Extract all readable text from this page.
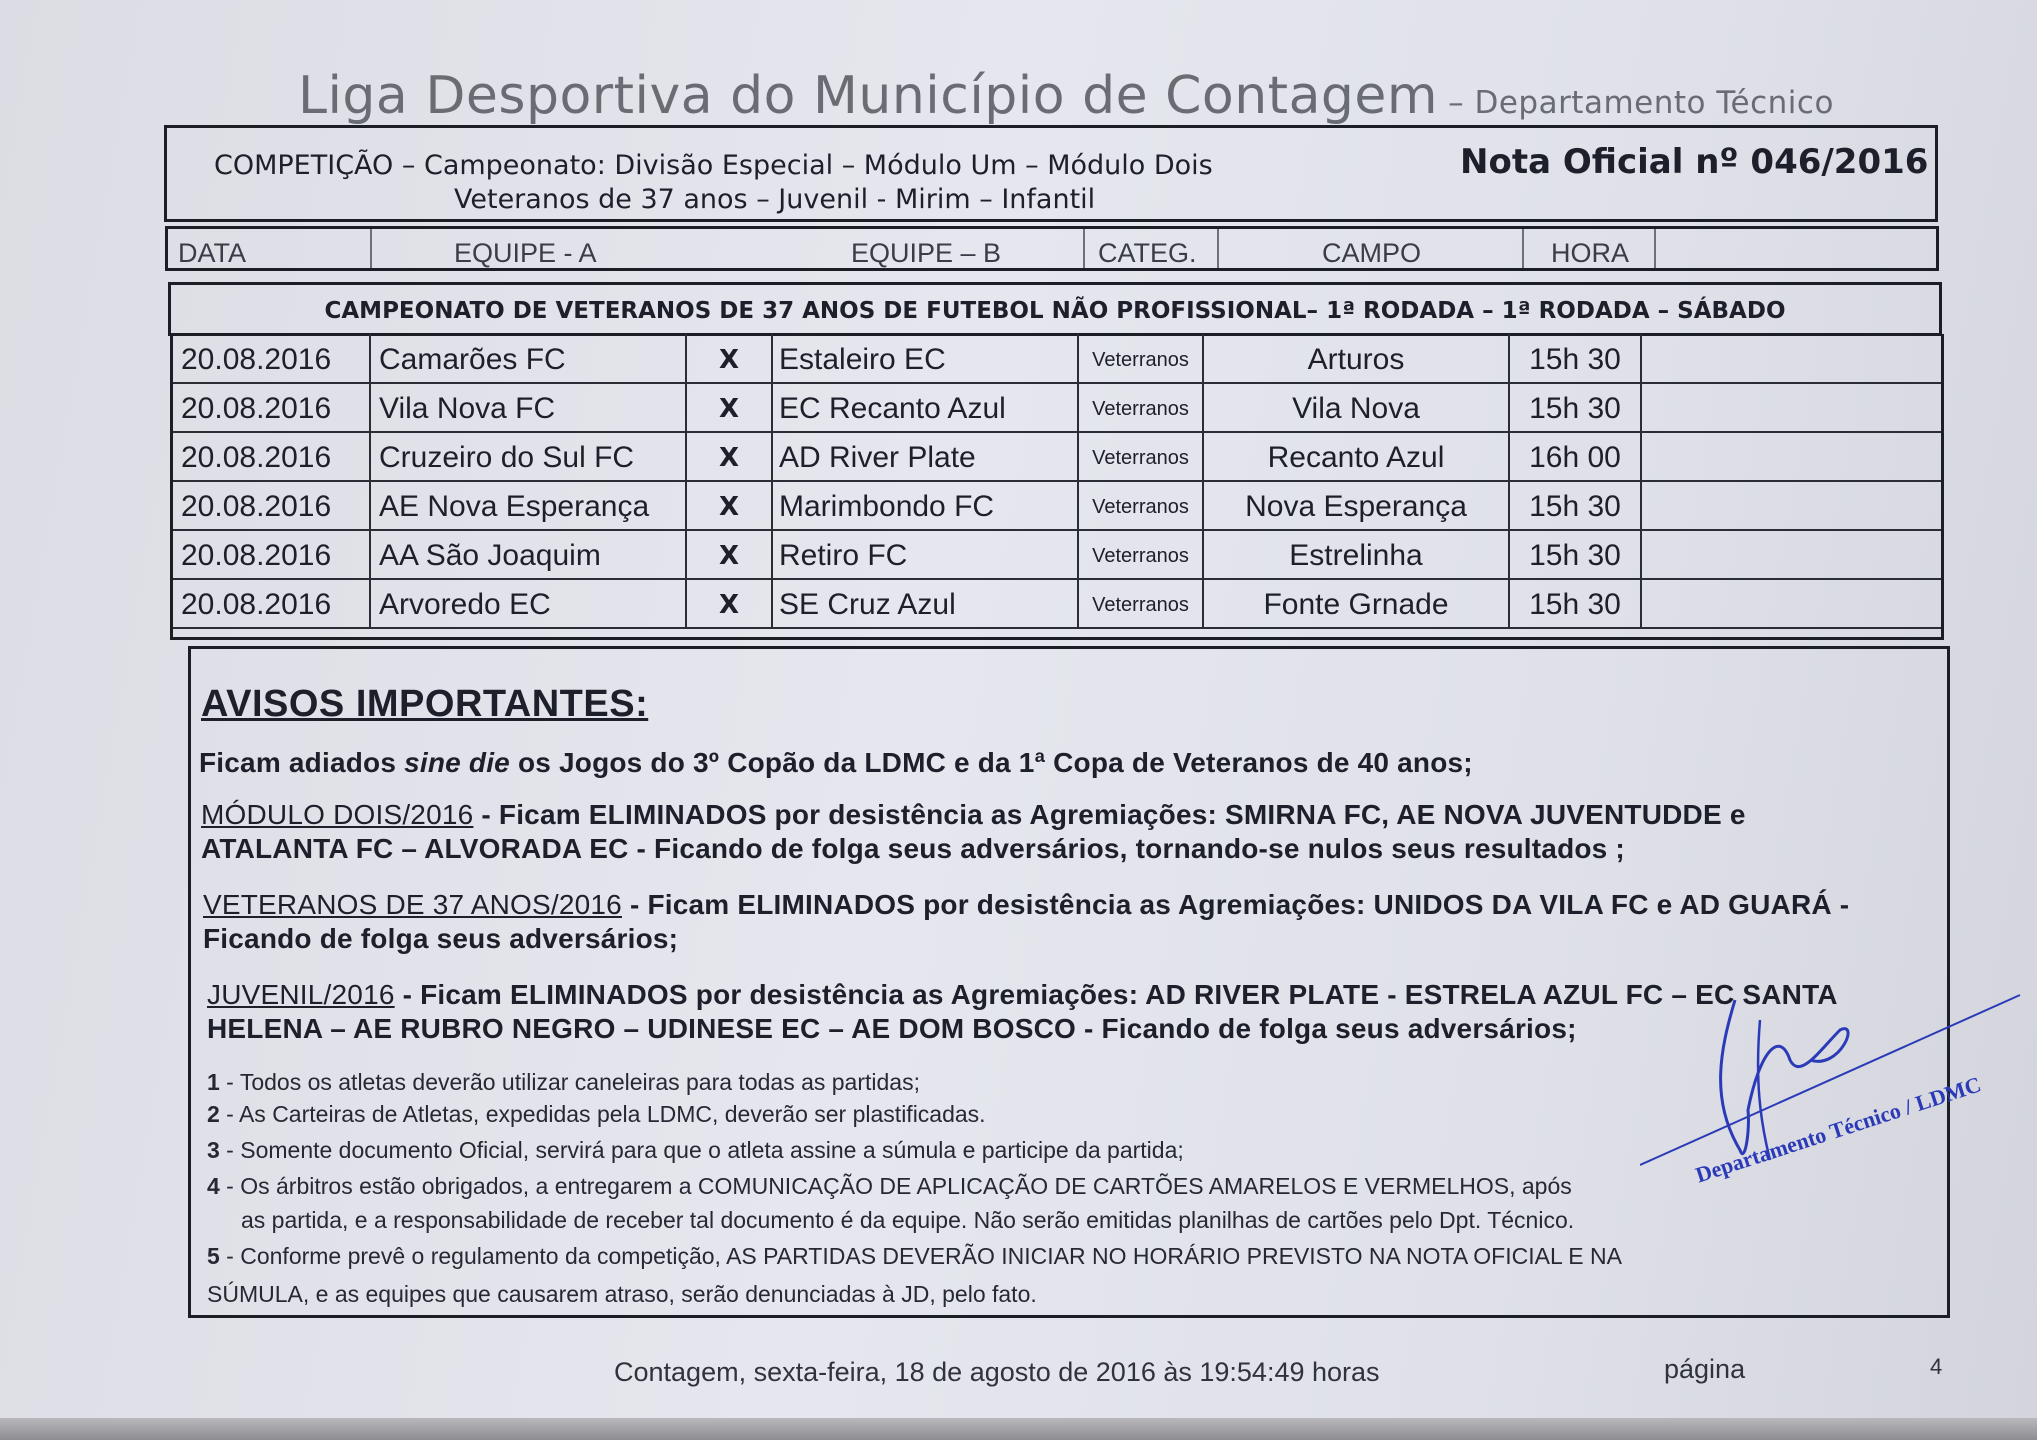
Liga Desportiva do Município de Contagem – Departamento Técnico
COMPETIÇÃO – Campeonato: Divisão Especial – Módulo Um – Módulo Dois
Veteranos de 37 anos – Juvenil - Mirim – Infantil
Nota Oficial nº 046/2016
DATA	EQUIPE - A	EQUIPE – B	CATEG.	CAMPO	HORA
CAMPEONATO DE VETERANOS DE 37 ANOS DE FUTEBOL NÃO PROFISSIONAL– 1ª RODADA – 1ª RODADA – SÁBADO
20.08.2016 Camarões FC	X	Estaleiro EC	Veterranos	Arturos	15h 30
20.08.2016 Vila Nova FC	X	EC Recanto Azul	Veterranos	Vila Nova	15h 30
20.08.2016 Cruzeiro do Sul FC	X	AD River Plate	Veterranos	Recanto Azul	16h 00
20.08.2016 AE Nova Esperança	X	Marimbondo FC	Veterranos	Nova Esperança	15h 30
20.08.2016 AA São Joaquim	X	Retiro FC	Veterranos	Estrelinha	15h 30
20.08.2016 Arvoredo EC	X	SE Cruz Azul	Veterranos	Fonte Grnade	15h 30
AVISOS IMPORTANTES:
Ficam adiados sine die os Jogos do 3º Copão da LDMC e da 1ª Copa de Veteranos de 40 anos;
MÓDULO DOIS/2016 - Ficam ELIMINADOS por desistência as Agremiações: SMIRNA FC, AE NOVA JUVENTUDDE e
ATALANTA FC – ALVORADA EC - Ficando de folga seus adversários, tornando-se nulos seus resultados ;
VETERANOS DE 37 ANOS/2016 - Ficam ELIMINADOS por desistência as Agremiações: UNIDOS DA VILA FC e AD GUARÁ -
Ficando de folga seus adversários;
JUVENIL/2016 - Ficam ELIMINADOS por desistência as Agremiações: AD RIVER PLATE - ESTRELA AZUL FC – EC SANTA
HELENA – AE RUBRO NEGRO – UDINESE EC – AE DOM BOSCO - Ficando de folga seus adversários;
1 - Todos os atletas deverão utilizar caneleiras para todas as partidas;
2 - As Carteiras de Atletas, expedidas pela LDMC, deverão ser plastificadas.
3 - Somente documento Oficial, servirá para que o atleta assine a súmula e participe da partida;
4 - Os árbitros estão obrigados, a entregarem a COMUNICAÇÃO DE APLICAÇÃO DE CARTÕES AMARELOS E VERMELHOS, após
as partida, e a responsabilidade de receber tal documento é da equipe. Não serão emitidas planilhas de cartões pelo Dpt. Técnico.
5 - Conforme prevê o regulamento da competição, AS PARTIDAS DEVERÃO INICIAR NO HORÁRIO PREVISTO NA NOTA OFICIAL E NA
SÚMULA, e as equipes que causarem atraso, serão denunciadas à JD, pelo fato.
Departamento Técnico / LDMC
Contagem, sexta-feira, 18 de agosto de 2016 às 19:54:49 horas	página	4
